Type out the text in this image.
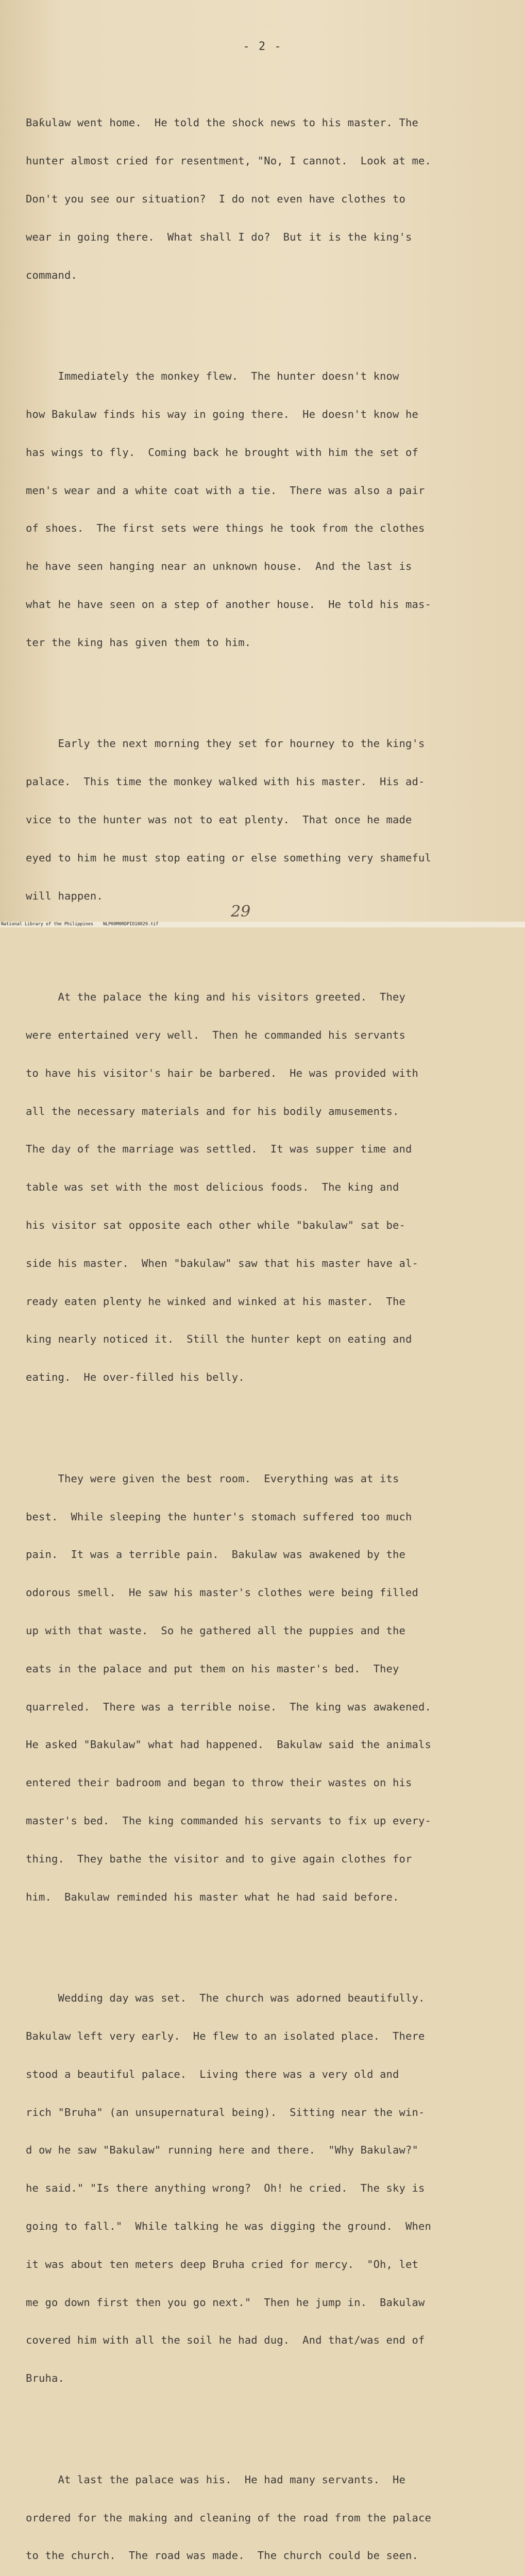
- 2 -

Baƙulaw went home.  He told the shock news to his master. The

hunter almost cried for resentment, "No, I cannot.  Look at me.

Don't you see our situation?  I do not even have clothes to

wear in going there.  What shall I do?  But it is the king's

command.

Immediately the monkey flew.  The hunter doesn't know

how Bakulaw finds his way in going there.  He doesn't know he

has wings to fly.  Coming back he brought with him the set of

men's wear and a white coat with a tie.  There was also a pair

of shoes.  The first sets were things he took from the clothes

he have seen hanging near an unknown house.  And the last is

what he have seen on a step of another house.  He told his mas-

ter the king has given them to him.

Early the next morning they set for hourney to the king's

palace.  This time the monkey walked with his master.  His ad-

vice to the hunter was not to eat plenty.  That once he made

eyed to him he must stop eating or else something very shameful

will happen.

At the palace the king and his visitors greeted.  They

were entertained very well.  Then he commanded his servants

to have his visitor's hair be barbered.  He was provided with

all the necessary materials and for his bodily amusements.

The day of the marriage was settled.  It was supper time and

table was set with the most delicious foods.  The king and

his visitor sat opposite each other while "bakulaw" sat be-

side his master.  When "bakulaw" saw that his master have al-

ready eaten plenty he winked and winked at his master.  The

king nearly noticed it.  Still the hunter kept on eating and

eating.  He over-filled his belly.

They were given the best room.  Everything was at its

best.  While sleeping the hunter's stomach suffered too much

pain.  It was a terrible pain.  Bakulaw was awakened by the

odorous smell.  He saw his master's clothes were being filled

up with that waste.  So he gathered all the puppies and the

eats in the palace and put them on his master's bed.  They

quarreled.  There was a terrible noise.  The king was awakened.

He asked "Bakulaw" what had happened.  Bakulaw said the animals

entered their badroom and began to throw their wastes on his

master's bed.  The king commanded his servants to fix up every-

thing.  They bathe the visitor and to give again clothes for

him.  Bakulaw reminded his master what he had said before.

Wedding day was set.  The church was adorned beautifully.

Bakulaw left very early.  He flew to an isolated place.  There

stood a beautiful palace.  Living there was a very old and

rich "Bruha" (an unsupernatural being).  Sitting near the win-

d ow he saw "Bakulaw" running here and there.  "Why Bakulaw?"

he said." "Is there anything wrong?  Oh! he cried.  The sky is

going to fall."  While talking he was digging the ground.  When

it was about ten meters deep Bruha cried for mercy.  "Oh, let

me go down first then you go next."  Then he jump in.  Bakulaw

covered him with all the soil he had dug.  And that/was end of

Bruha.

At last the palace was his.  He had many servants.  He

ordered for the making and cleaning of the road from the palace

to the church.  The road was made.  The church could be seen.

29
National Library of the Philippines NLP00M0RDPIO18029.tif
